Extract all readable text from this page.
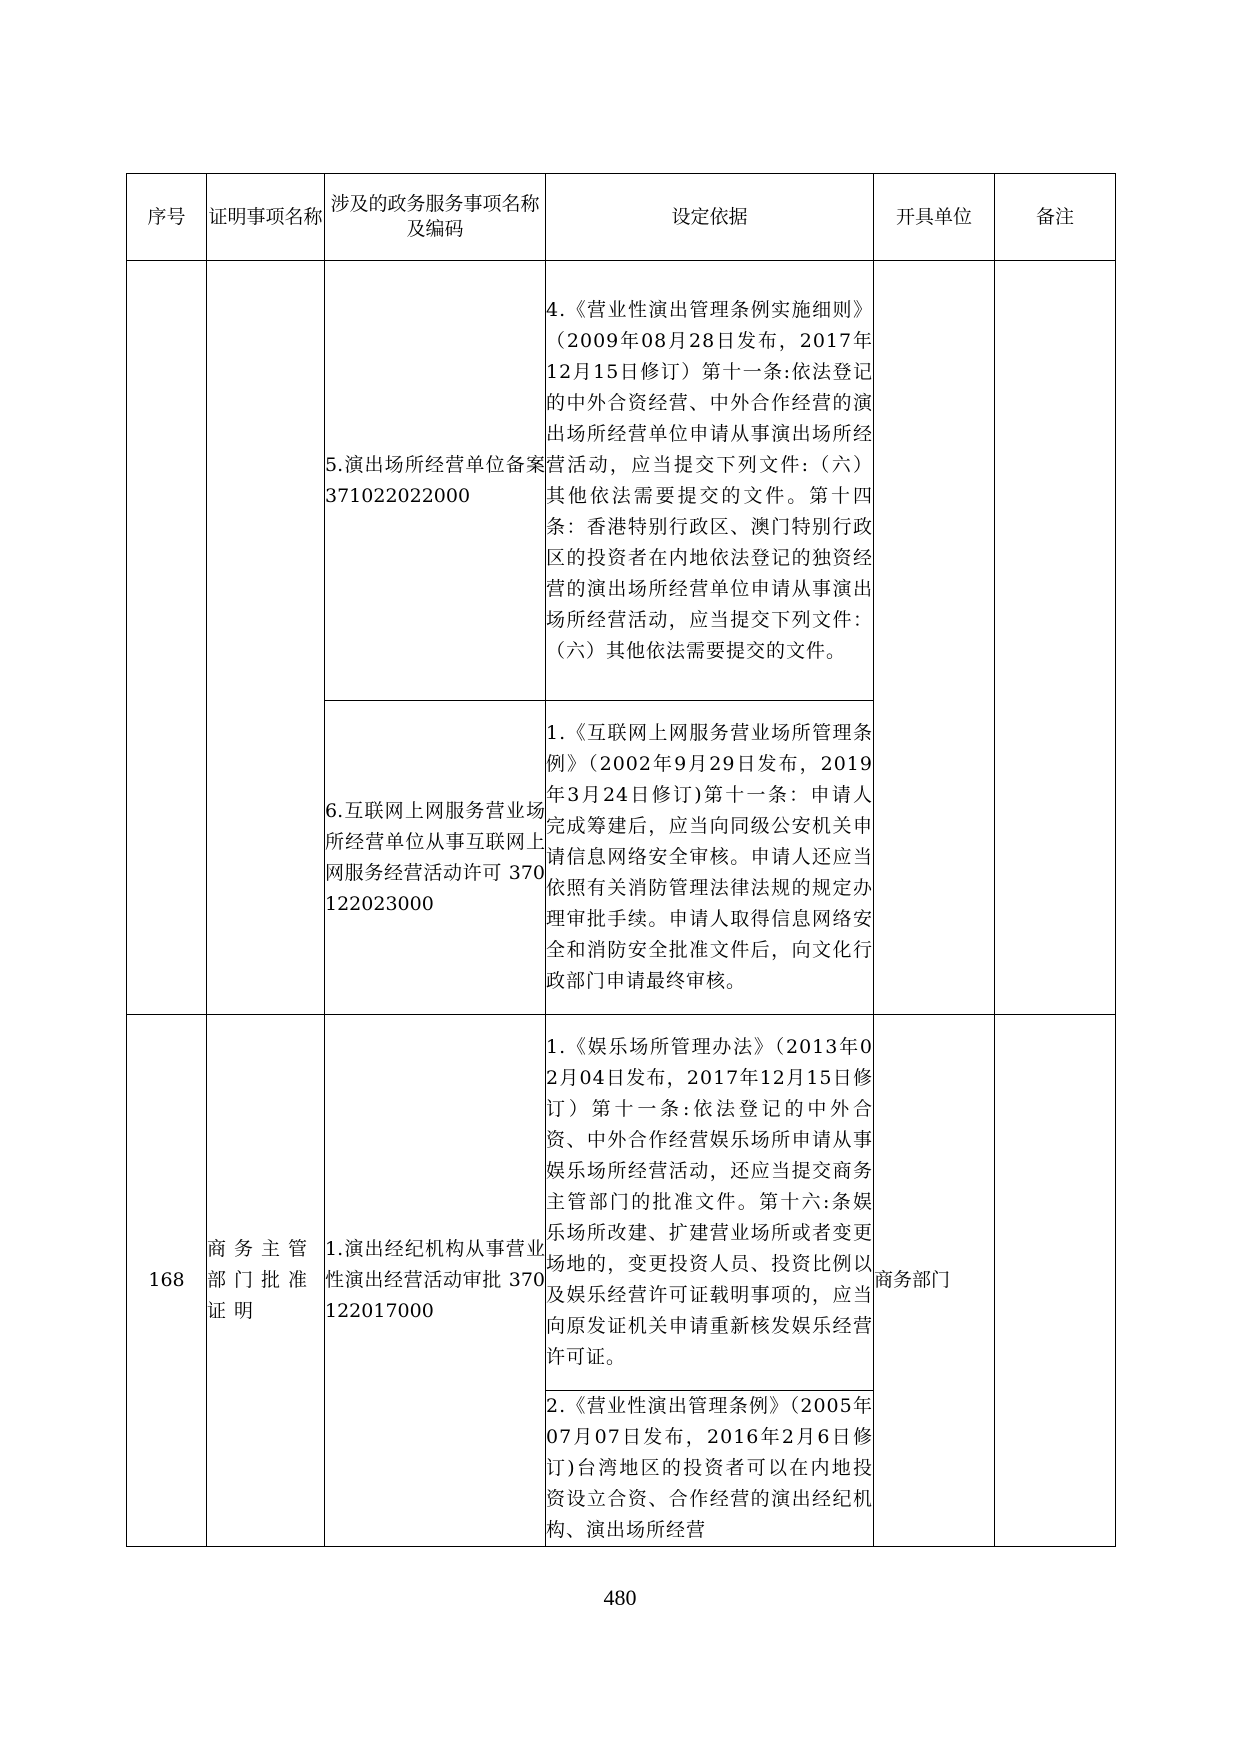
序号	证明事项名称	涉及的政务服务事项名称及编码	设定依据	开具单位	备注
		5.演出场所经营单位备案 371022022000	4.《营业性演出管理条例实施细则》（2009年08月28日发布，2017年12月15日修订）第十一条:依法登记的中外合资经营、中外合作经营的演出场所经营单位申请从事演出场所经营活动，应当提交下列文件:（六）其他依法需要提交的文件。第十四条：香港特别行政区、澳门特别行政区的投资者在内地依法登记的独资经营的演出场所经营单位申请从事演出场所经营活动，应当提交下列文件：（六）其他依法需要提交的文件。		
		6.互联网上网服务营业场所经营单位从事互联网上网服务经营活动许可 370122023000	1.《互联网上网服务营业场所管理条例》（2002年9月29日发布，2019年3月24日修订)第十一条：申请人完成筹建后，应当向同级公安机关申请信息网络安全审核。申请人还应当依照有关消防管理法律法规的规定办理审批手续。申请人取得信息网络安全和消防安全批准文件后，向文化行政部门申请最终审核。		
168	商务主管部门批准证明	1.演出经纪机构从事营业性演出经营活动审批 370122017000	1.《娱乐场所管理办法》（2013年02月04日发布，2017年12月15日修订）第十一条:依法登记的中外合资、中外合作经营娱乐场所申请从事娱乐场所经营活动，还应当提交商务主管部门的批准文件。第十六:条娱乐场所改建、扩建营业场所或者变更场地的，变更投资人员、投资比例以及娱乐经营许可证载明事项的，应当向原发证机关申请重新核发娱乐经营许可证。	商务部门	
			2.《营业性演出管理条例》（2005年07月07日发布，2016年2月6日修订)台湾地区的投资者可以在内地投资设立合资、合作经营的演出经纪机构、演出场所经营		
480
